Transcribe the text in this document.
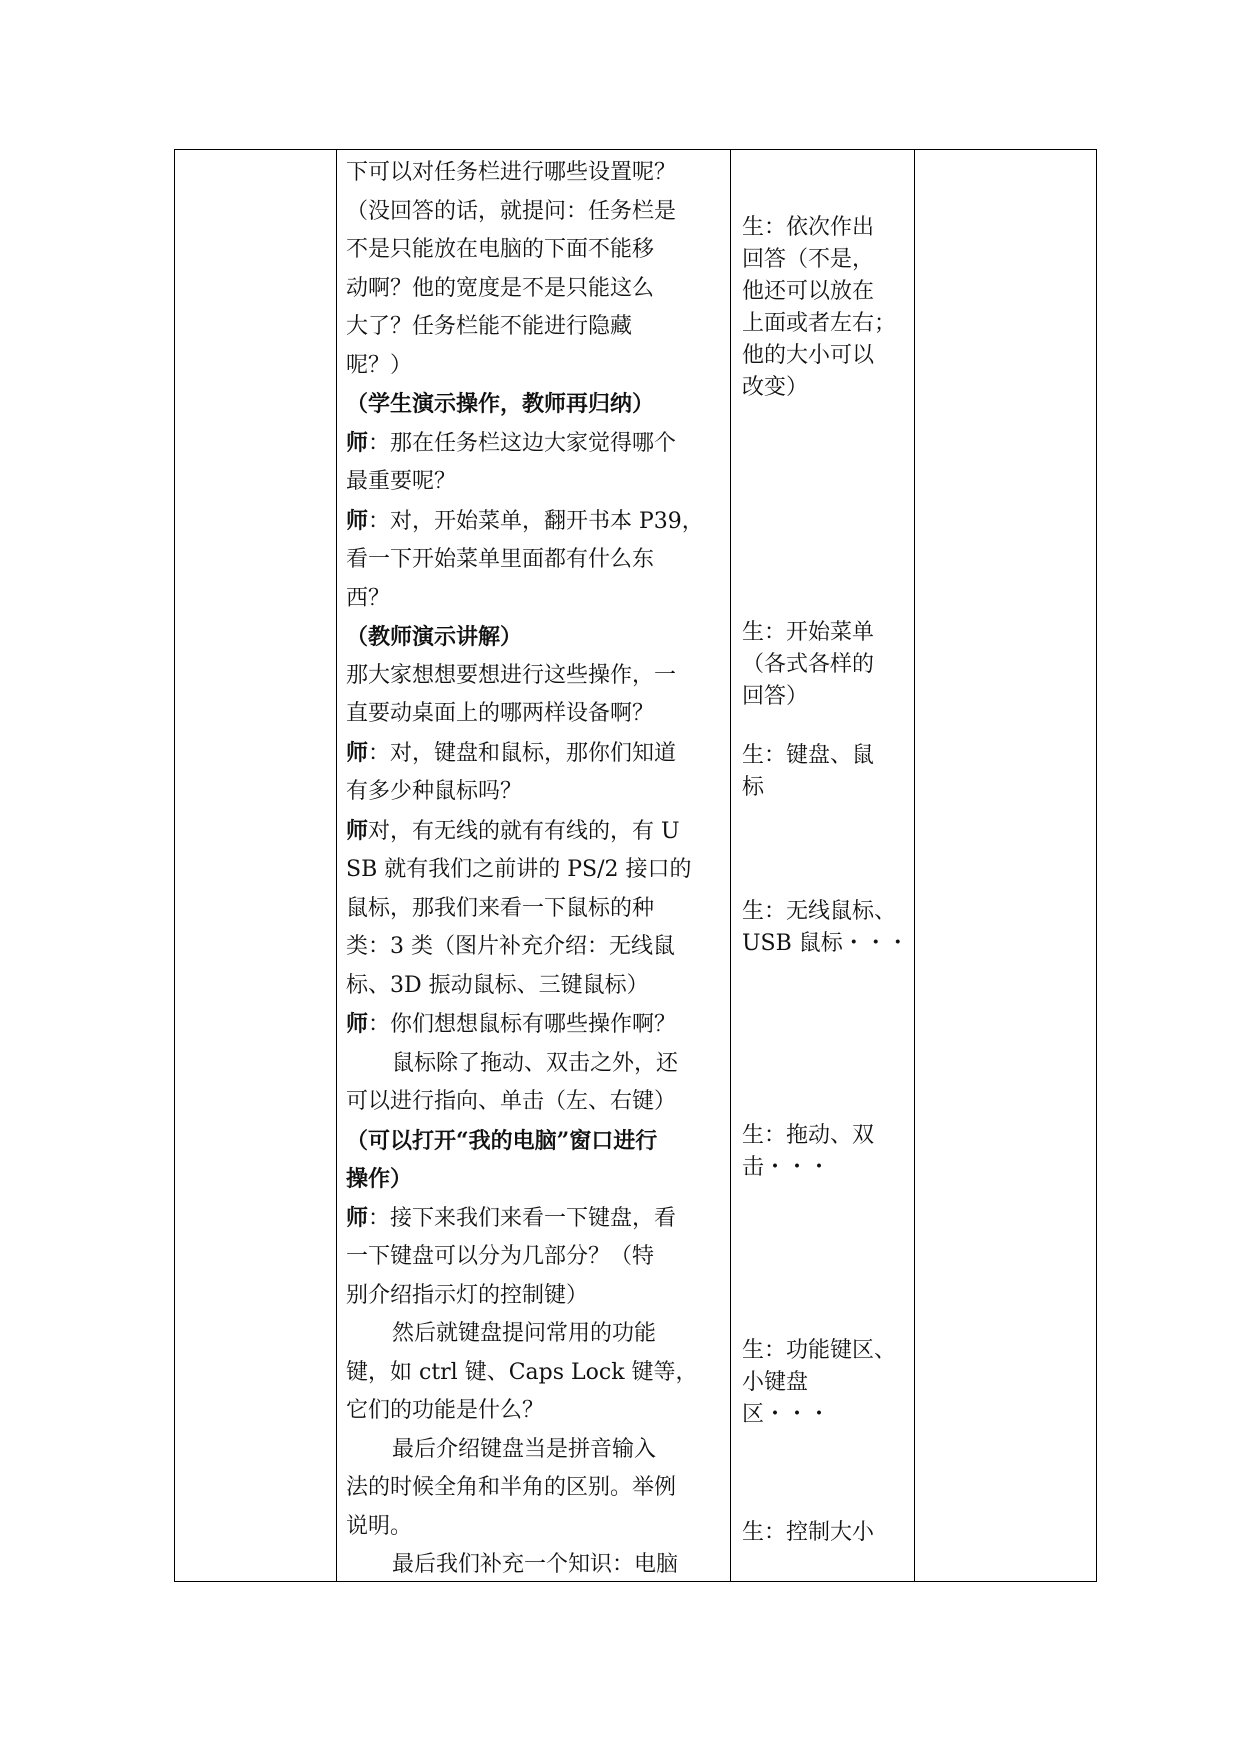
下可以对任务栏进行哪些设置呢？
（没回答的话，就提问：任务栏是
不是只能放在电脑的下面不能移
动啊？他的宽度是不是只能这么
大了？任务栏能不能进行隐藏
呢？）
（学生演示操作，教师再归纳）
师：那在任务栏这边大家觉得哪个
最重要呢？
师：对，开始菜单，翻开书本 P39，
看一下开始菜单里面都有什么东
西？
（教师演示讲解）
那大家想想要想进行这些操作，一
直要动桌面上的哪两样设备啊？
师：对，键盘和鼠标，那你们知道
有多少种鼠标吗？
师对，有无线的就有有线的，有 U
SB 就有我们之前讲的 PS/2 接口的
鼠标，那我们来看一下鼠标的种
类：3 类（图片补充介绍：无线鼠
标、3D 振动鼠标、三键鼠标）
师：你们想想鼠标有哪些操作啊？
鼠标除了拖动、双击之外，还
可以进行指向、单击（左、右键）
（可以打开“我的电脑”窗口进行
操作）
师：接下来我们来看一下键盘，看
一下键盘可以分为几部分？（特
别介绍指示灯的控制键）
然后就键盘提问常用的功能
键，如 ctrl 键、Caps Lock 键等，
它们的功能是什么？
最后介绍键盘当是拼音输入
法的时候全角和半角的区别。举例
说明。
最后我们补充一个知识：电脑
生：依次作出
回答（不是，
他还可以放在
上面或者左右；
他的大小可以
改变）
生：开始菜单
（各式各样的
回答）
生：键盘、鼠
标
生：无线鼠标、
USB 鼠标・・・
生：拖动、双
击・・・
生：功能键区、
小键盘
区・・・
生：控制大小
